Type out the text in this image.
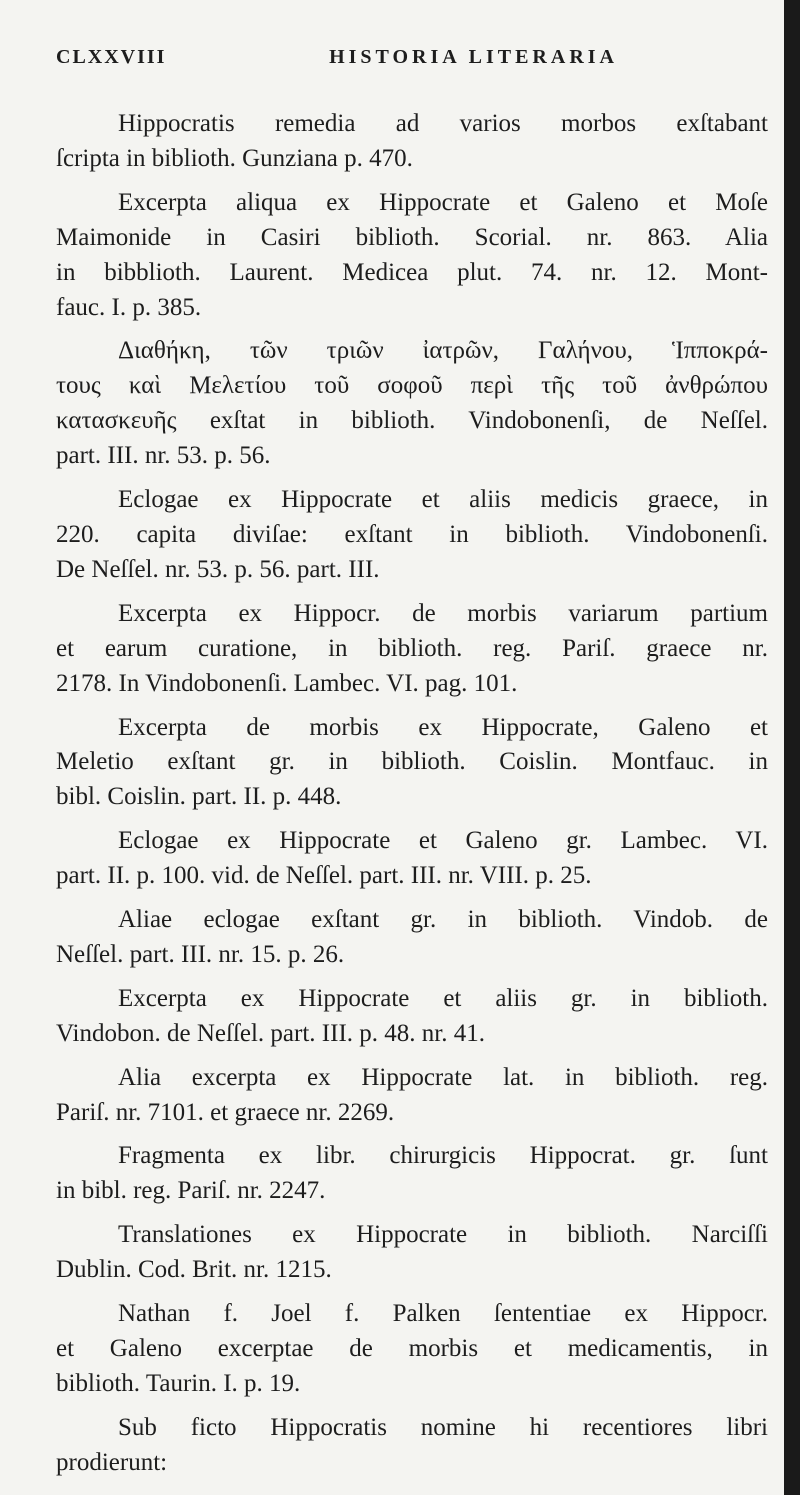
CLXXVIII	HISTORIA LITERARIA
Hippocratis remedia ad varios morbos exſtabant
ſcripta in biblioth. Gunziana p. 470.
Excerpta aliqua ex Hippocrate et Galeno et Moſe
Maimonide in Casiri biblioth. Scorial. nr. 863. Alia
in bibblioth. Laurent. Medicea plut. 74. nr. 12. Mont-
fauc. I. p. 385.
Διαθήκη, τῶν τριῶν ἰατρῶν, Γαλήνου, Ἱπποκρά-
τους καὶ Μελετίου τοῦ σοφοῦ περὶ τῆς τοῦ ἀνθρώπου
κατασκευῆς exſtat in biblioth. Vindobonenſi, de Neſſel.
part. III. nr. 53. p. 56.
Eclogae ex Hippocrate et aliis medicis graece, in
220. capita diviſae: exſtant in biblioth. Vindobonenſi.
De Neſſel. nr. 53. p. 56. part. III.
Excerpta ex Hippocr. de morbis variarum partium
et earum curatione, in biblioth. reg. Pariſ. graece nr.
2178. In Vindobonenſi. Lambec. VI. pag. 101.
Excerpta de morbis ex Hippocrate, Galeno et
Meletio exſtant gr. in biblioth. Coislin. Montfauc. in
bibl. Coislin. part. II. p. 448.
Eclogae ex Hippocrate et Galeno gr. Lambec. VI.
part. II. p. 100. vid. de Neſſel. part. III. nr. VIII. p. 25.
Aliae eclogae exſtant gr. in biblioth. Vindob. de
Neſſel. part. III. nr. 15. p. 26.
Excerpta ex Hippocrate et aliis gr. in biblioth.
Vindobon. de Neſſel. part. III. p. 48. nr. 41.
Alia excerpta ex Hippocrate lat. in biblioth. reg.
Pariſ. nr. 7101. et graece nr. 2269.
Fragmenta ex libr. chirurgicis Hippocrat. gr. ſunt
in bibl. reg. Pariſ. nr. 2247.
Translationes ex Hippocrate in biblioth. Narciſſi
Dublin. Cod. Brit. nr. 1215.
Nathan f. Joel f. Palken ſententiae ex Hippocr.
et Galeno excerptae de morbis et medicamentis, in
biblioth. Taurin. I. p. 19.
Sub ficto Hippocratis nomine hi recentiores libri
prodierunt:
